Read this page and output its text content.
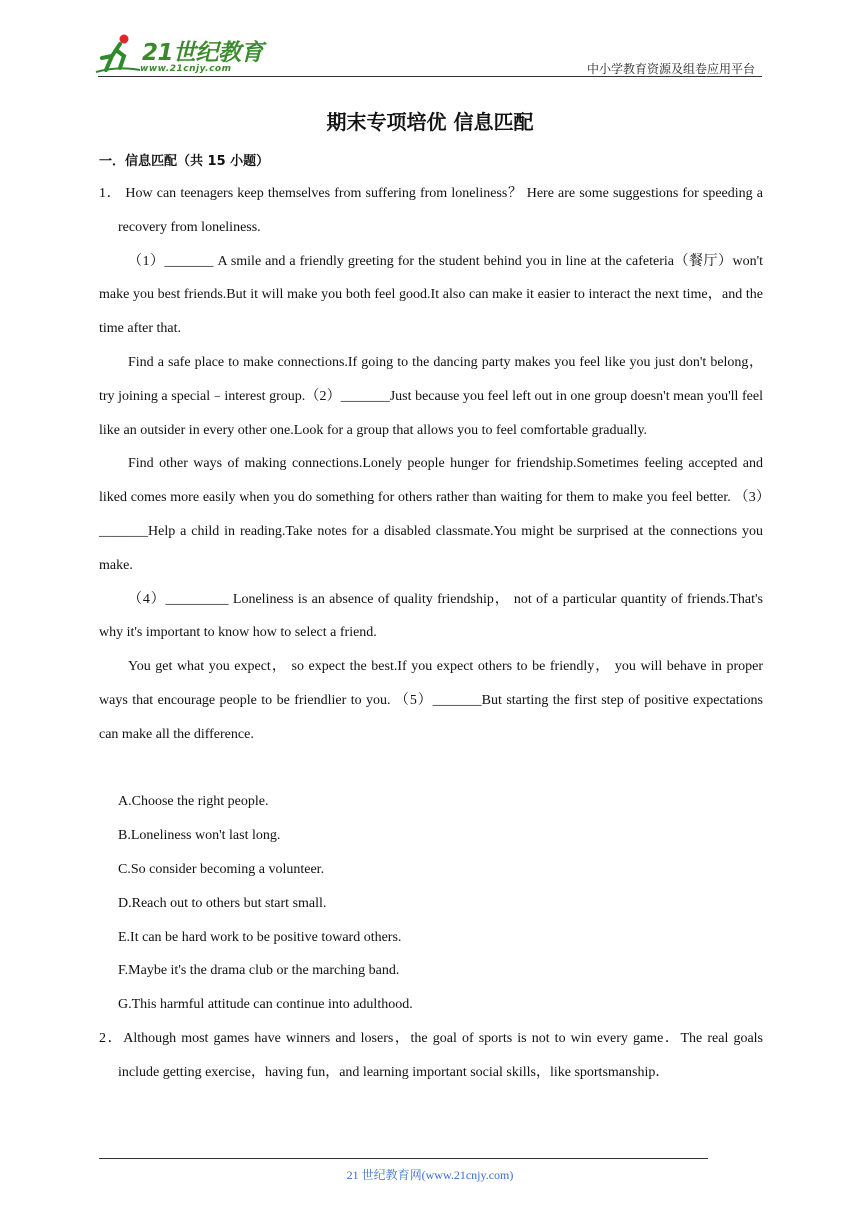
21世纪教育
www.21cnjy.com	中小学教育资源及组卷应用平台
期末专项培优 信息匹配
一．信息匹配（共 15 小题）

1． How can teenagers keep themselves from suffering from loneliness？ Here are some suggestions for speeding a recovery from loneliness.

（1）_______ A smile and a friendly greeting for the student behind you in line at the cafeteria（餐厅）won't make you best friends.But it will make you both feel good.It also can make it easier to interact the next time，and the time after that.

Find a safe place to make connections.If going to the dancing party makes you feel like you just don't belong，try joining a special﹣interest group.（2）_______Just because you feel left out in one group doesn't mean you'll feel like an outsider in every other one.Look for a group that allows you to feel comfortable gradually.

Find other ways of making connections.Lonely people hunger for friendship.Sometimes feeling accepted and liked comes more easily when you do something for others rather than waiting for them to make you feel better. （3）_______Help a child in reading.Take notes for a disabled classmate.You might be surprised at the connections you make.

（4）_________ Loneliness is an absence of quality friendship， not of a particular quantity of friends.That's why it's important to know how to select a friend.

You get what you expect， so expect the best.If you expect others to be friendly， you will behave in proper ways that encourage people to be friendlier to you. （5）_______But starting the first step of positive expectations can make all the difference.

A.Choose the right people.

B.Loneliness won't last long.

C.So consider becoming a volunteer.

D.Reach out to others but start small.

E.It can be hard work to be positive toward others.

F.Maybe it's the drama club or the marching band.

G.This harmful attitude can continue into adulthood.

2．Although most games have winners and losers，the goal of sports is not to win every game．The real goals include getting exercise，having fun，and learning important social skills，like sportsmanship．

21 世纪教育网(www.21cnjy.com)
